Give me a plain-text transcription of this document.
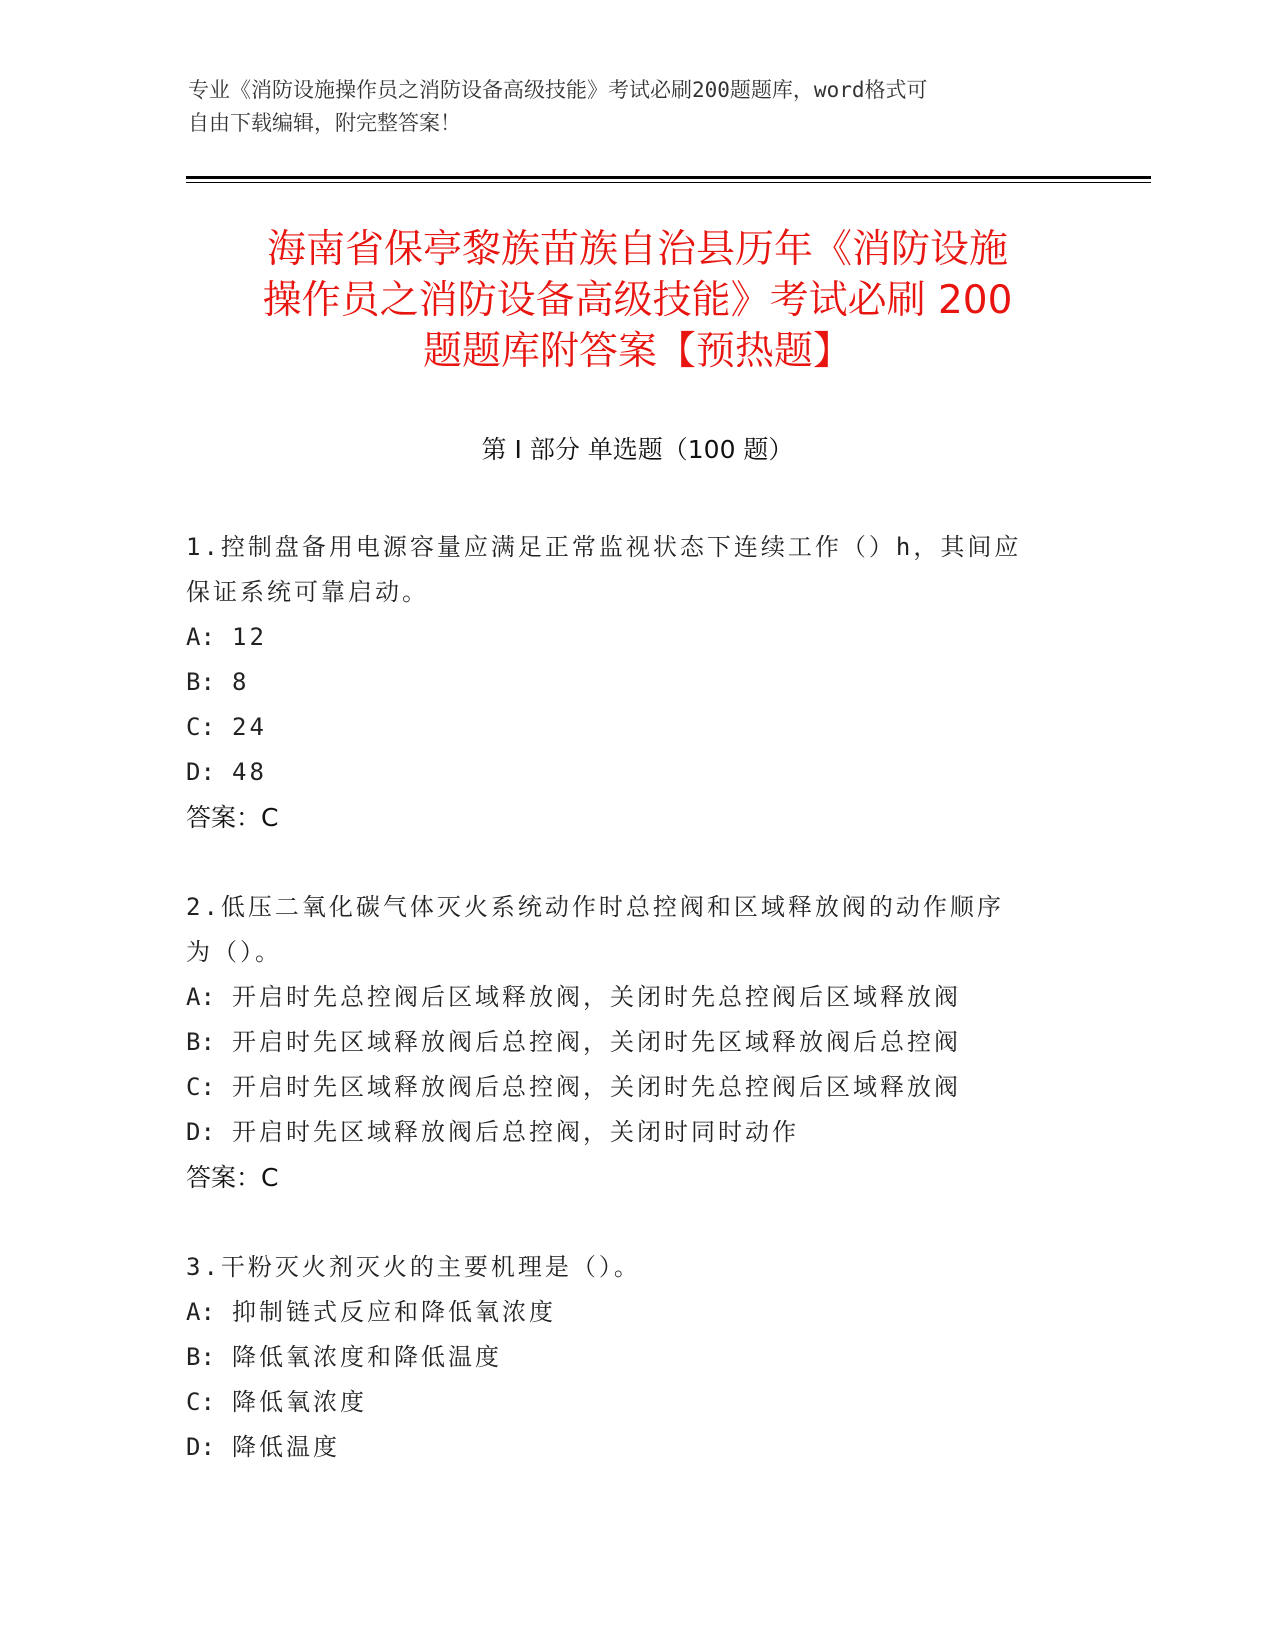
专业《消防设施操作员之消防设备高级技能》考试必刷200题题库，word格式可
自由下载编辑，附完整答案！
海南省保亭黎族苗族自治县历年《消防设施
操作员之消防设备高级技能》考试必刷 200
题题库附答案【预热题】
第 I 部分 单选题（100 题）
1.控制盘备用电源容量应满足正常监视状态下连续工作（）h，其间应
保证系统可靠启动。
A: 12
B: 8
C: 24
D: 48
答案：C
2.低压二氧化碳气体灭火系统动作时总控阀和区域释放阀的动作顺序
为（）。
A: 开启时先总控阀后区域释放阀，关闭时先总控阀后区域释放阀
B: 开启时先区域释放阀后总控阀，关闭时先区域释放阀后总控阀
C: 开启时先区域释放阀后总控阀，关闭时先总控阀后区域释放阀
D: 开启时先区域释放阀后总控阀，关闭时同时动作
答案：C
3.干粉灭火剂灭火的主要机理是（）。
A: 抑制链式反应和降低氧浓度
B: 降低氧浓度和降低温度
C: 降低氧浓度
D: 降低温度
